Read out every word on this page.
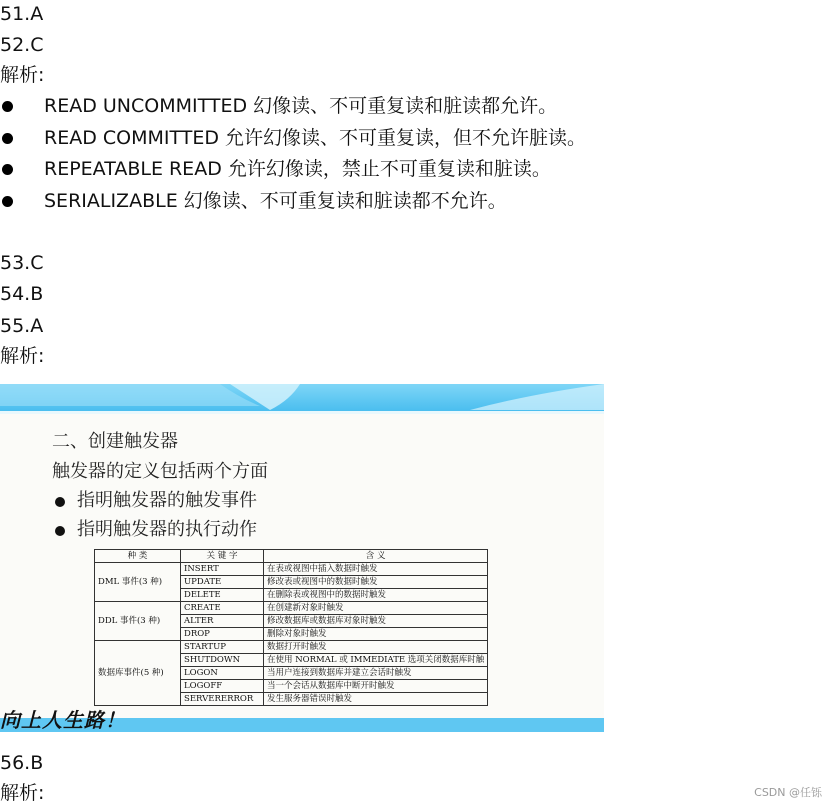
51.A
52.C
解析:
READ UNCOMMITTED 幻像读、不可重复读和脏读都允许。
READ COMMITTED 允许幻像读、不可重复读，但不允许脏读。
REPEATABLE READ 允许幻像读，禁止不可重复读和脏读。
SERIALIZABLE 幻像读、不可重复读和脏读都不允许。
53.C
54.B
55.A
解析:
二、创建触发器
触发器的定义包括两个方面
指明触发器的触发事件
指明触发器的执行动作
种 类	关 键 字	含 义
DML 事件(3 种)	INSERT	在表或视图中插入数据时触发
	UPDATE	修改表或视图中的数据时触发
	DELETE	在删除表或视图中的数据时触发
DDL 事件(3 种)	CREATE	在创建新对象时触发
	ALTER	修改数据库或数据库对象时触发
	DROP	删除对象时触发
数据库事件(5 种)	STARTUP	数据打开时触发
	SHUTDOWN	在使用 NORMAL 或 IMMEDIATE 选项关闭数据库时触
	LOGON	当用户连接到数据库并建立会话时触发
	LOGOFF	当一个会话从数据库中断开时触发
	SERVERERROR	发生服务器错误时触发
向上人生路！
56.B
解析:	CSDN @任铄
